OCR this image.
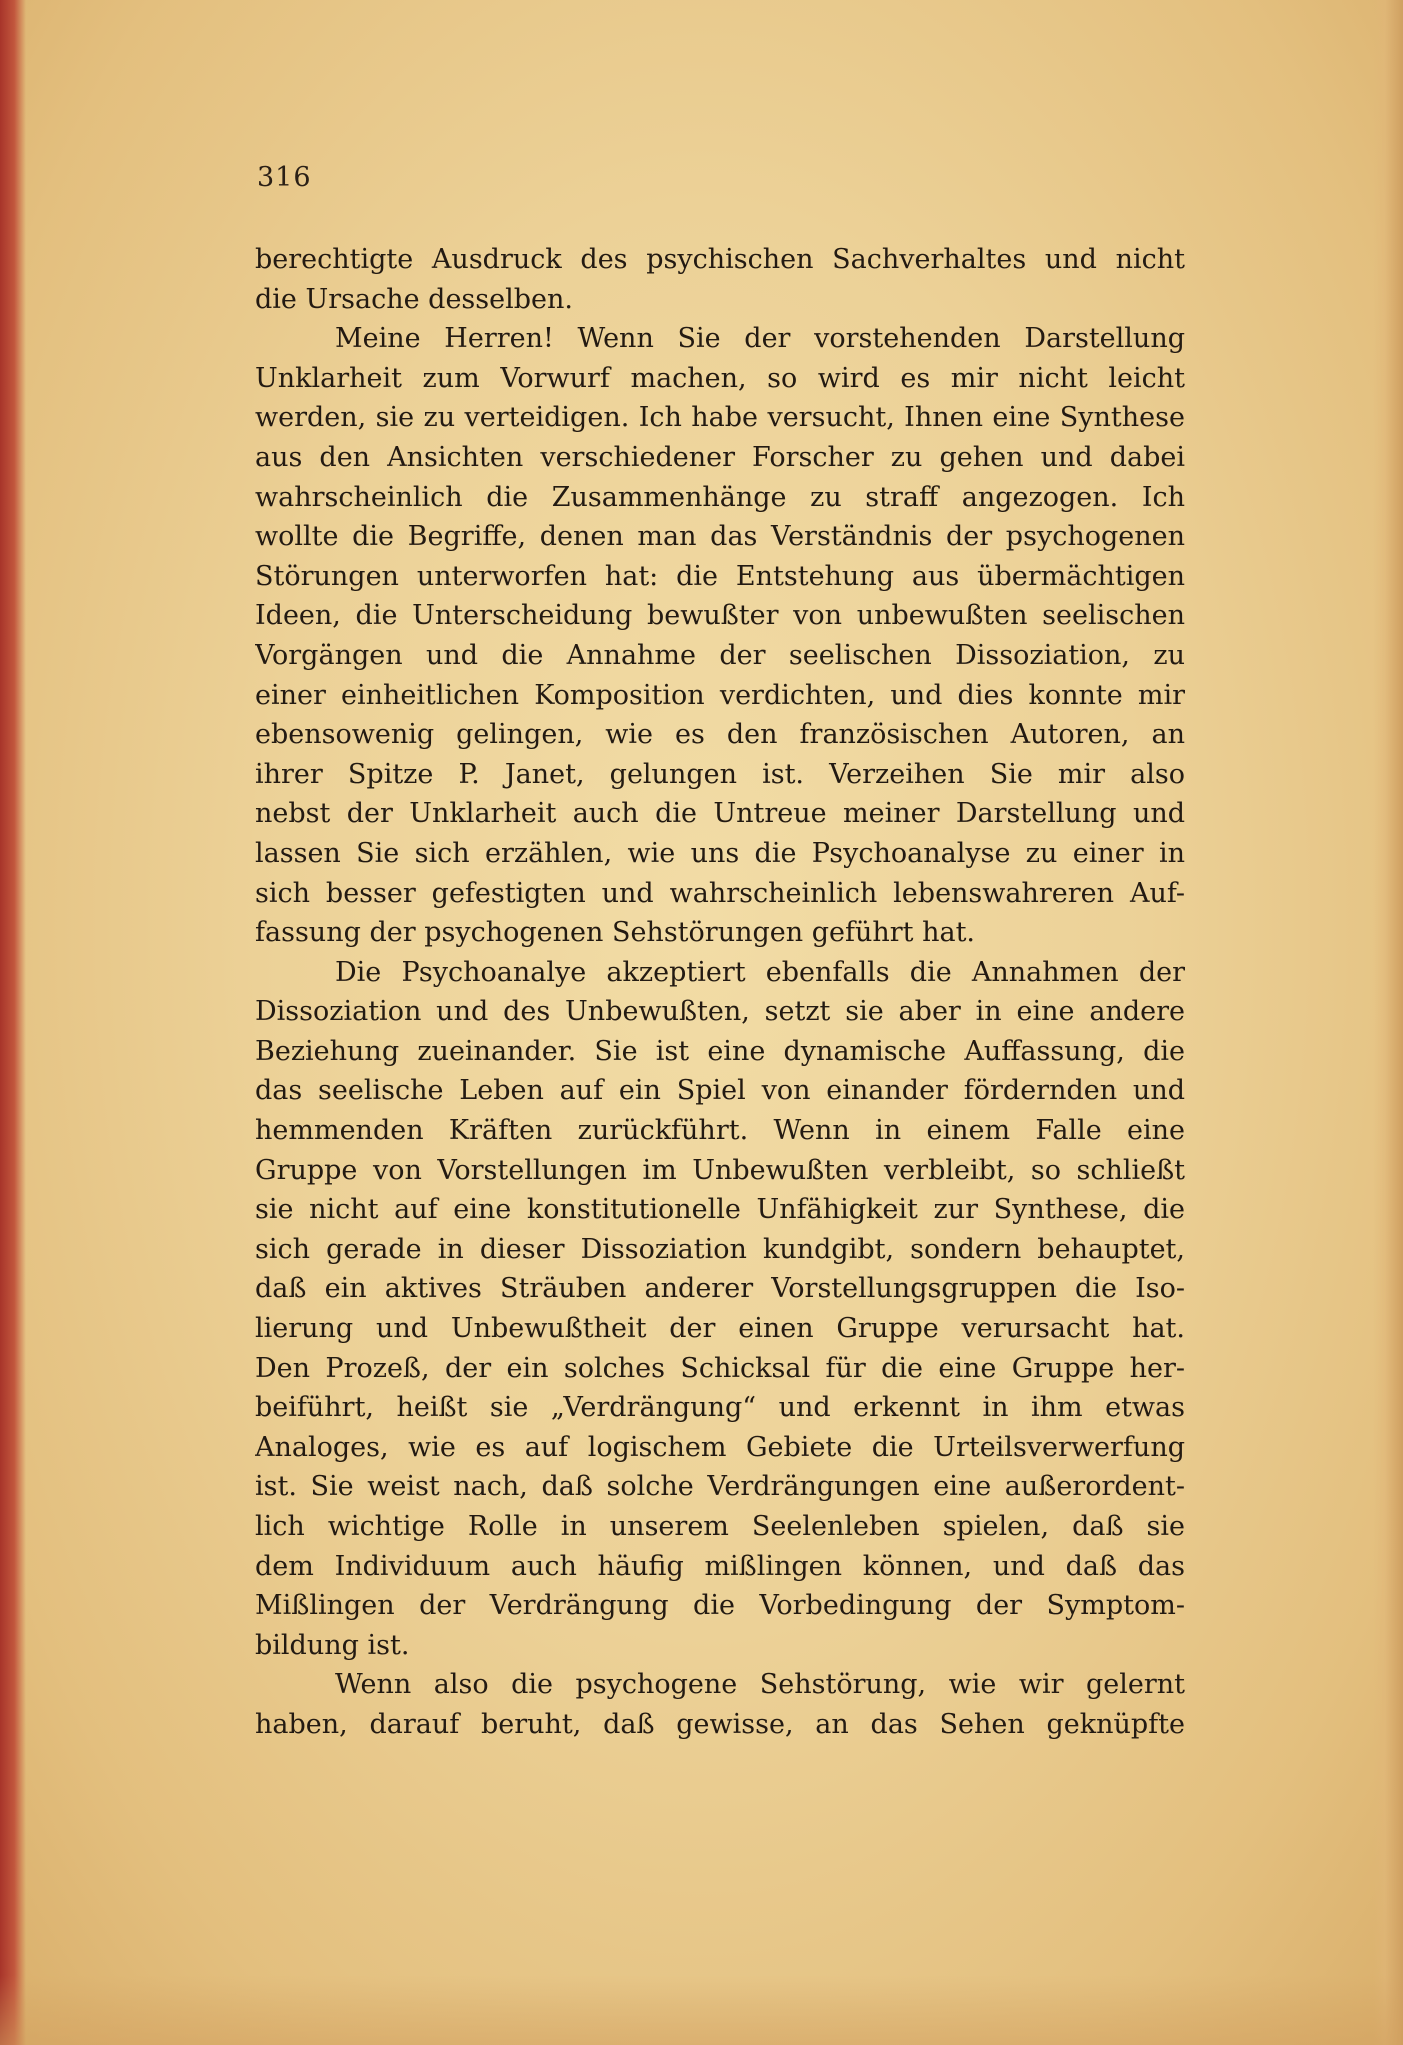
316
berechtigte Ausdruck des psychischen Sachverhaltes und nicht
die Ursache desselben.
Meine Herren! Wenn Sie der vorstehenden Darstellung
Unklarheit zum Vorwurf machen, so wird es mir nicht leicht
werden, sie zu verteidigen. Ich habe versucht, Ihnen eine Synthese
aus den Ansichten verschiedener Forscher zu gehen und dabei
wahrscheinlich die Zusammenhänge zu straff angezogen. Ich
wollte die Begriffe, denen man das Verständnis der psychogenen
Störungen unterworfen hat: die Entstehung aus übermächtigen
Ideen, die Unterscheidung bewußter von unbewußten seelischen
Vorgängen und die Annahme der seelischen Dissoziation, zu
einer einheitlichen Komposition verdichten, und dies konnte mir
ebensowenig gelingen, wie es den französischen Autoren, an
ihrer Spitze P. Janet, gelungen ist. Verzeihen Sie mir also
nebst der Unklarheit auch die Untreue meiner Darstellung und
lassen Sie sich erzählen, wie uns die Psychoanalyse zu einer in
sich besser gefestigten und wahrscheinlich lebenswahreren Auf-
fassung der psychogenen Sehstörungen geführt hat.
Die Psychoanalye akzeptiert ebenfalls die Annahmen der
Dissoziation und des Unbewußten, setzt sie aber in eine andere
Beziehung zueinander. Sie ist eine dynamische Auffassung, die
das seelische Leben auf ein Spiel von einander fördernden und
hemmenden Kräften zurückführt. Wenn in einem Falle eine
Gruppe von Vorstellungen im Unbewußten verbleibt, so schließt
sie nicht auf eine konstitutionelle Unfähigkeit zur Synthese, die
sich gerade in dieser Dissoziation kundgibt, sondern behauptet,
daß ein aktives Sträuben anderer Vorstellungsgruppen die Iso-
lierung und Unbewußtheit der einen Gruppe verursacht hat.
Den Prozeß, der ein solches Schicksal für die eine Gruppe her-
beiführt, heißt sie „Verdrängung“ und erkennt in ihm etwas
Analoges, wie es auf logischem Gebiete die Urteilsverwerfung
ist. Sie weist nach, daß solche Verdrängungen eine außerordent-
lich wichtige Rolle in unserem Seelenleben spielen, daß sie
dem Individuum auch häufig mißlingen können, und daß das
Mißlingen der Verdrängung die Vorbedingung der Symptom-
bildung ist.
Wenn also die psychogene Sehstörung, wie wir gelernt
haben, darauf beruht, daß gewisse, an das Sehen geknüpfte
